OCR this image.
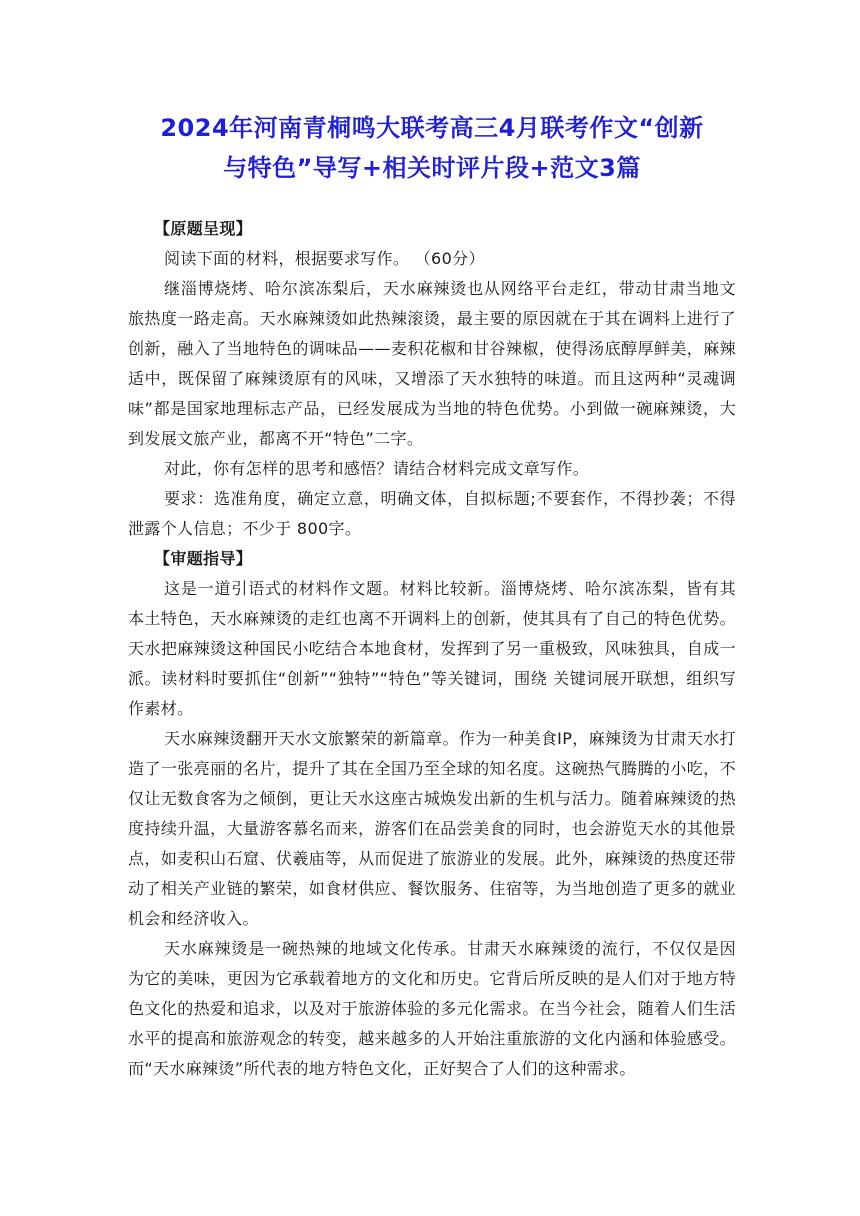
2024年河南青桐鸣大联考高三4月联考作文“创新
与特色”导写+相关时评片段+范文3篇

【原题呈现】

阅读下面的材料，根据要求写作。 （60分）

继淄博烧烤、哈尔滨冻梨后，天水麻辣烫也从网络平台走红，带动甘肃当地文旅热度一路走高。天水麻辣烫如此热辣滚烫，最主要的原因就在于其在调料上进行了创新，融入了当地特色的调味品——麦积花椒和甘谷辣椒，使得汤底醇厚鲜美，麻辣适中，既保留了麻辣烫原有的风味，又增添了天水独特的味道。而且这两种“灵魂调味”都是国家地理标志产品，已经发展成为当地的特色优势。小到做一碗麻辣烫，大到发展文旅产业，都离不开“特色”二字。

对此，你有怎样的思考和感悟？请结合材料完成文章写作。

要求：选准角度，确定立意，明确文体，自拟标题;不要套作，不得抄袭；不得泄露个人信息；不少于 800字。

【审题指导】

这是一道引语式的材料作文题。材料比较新。淄博烧烤、哈尔滨冻梨，皆有其本土特色，天水麻辣烫的走红也离不开调料上的创新，使其具有了自己的特色优势。天水把麻辣烫这种国民小吃结合本地食材，发挥到了另一重极致，风味独具，自成一派。读材料时要抓住“创新”“独特”“特色”等关键词，围绕 关键词展开联想，组织写作素材。

天水麻辣烫翻开天水文旅繁荣的新篇章。作为一种美食IP，麻辣烫为甘肃天水打造了一张亮丽的名片，提升了其在全国乃至全球的知名度。这碗热气腾腾的小吃，不仅让无数食客为之倾倒，更让天水这座古城焕发出新的生机与活力。随着麻辣烫的热度持续升温，大量游客慕名而来，游客们在品尝美食的同时，也会游览天水的其他景点，如麦积山石窟、伏羲庙等，从而促进了旅游业的发展。此外，麻辣烫的热度还带动了相关产业链的繁荣，如食材供应、餐饮服务、住宿等，为当地创造了更多的就业机会和经济收入。

天水麻辣烫是一碗热辣的地域文化传承。甘肃天水麻辣烫的流行，不仅仅是因为它的美味，更因为它承载着地方的文化和历史。它背后所反映的是人们对于地方特色文化的热爱和追求，以及对于旅游体验的多元化需求。在当今社会，随着人们生活水平的提高和旅游观念的转变，越来越多的人开始注重旅游的文化内涵和体验感受。而“天水麻辣烫”所代表的地方特色文化，正好契合了人们的这种需求。
